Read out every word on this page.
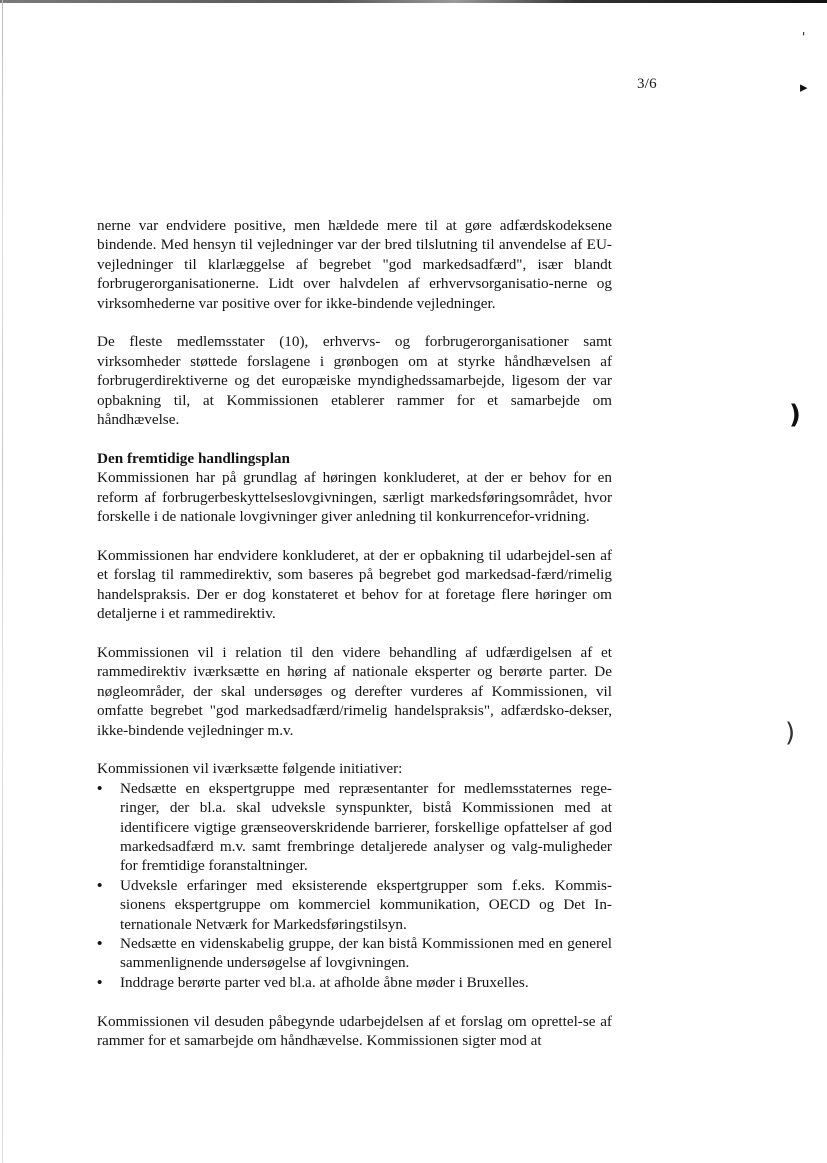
3/6
'
▸
)
)

nerne var endvidere positive, men hældede mere til at gøre adfærdskodeksene bindende. Med hensyn til vejledninger var der bred tilslutning til anvendelse af EU-vejledninger til klarlæggelse af begrebet "god markedsadfærd", især blandt forbrugerorganisationerne. Lidt over halvdelen af erhvervsorganisatio-nerne og virksomhederne var positive over for ikke-bindende vejledninger.

De fleste medlemsstater (10), erhvervs- og forbrugerorganisationer samt virksomheder støttede forslagene i grønbogen om at styrke håndhævelsen af forbrugerdirektiverne og det europæiske myndighedssamarbejde, ligesom der var opbakning til, at Kommissionen etablerer rammer for et samarbejde om håndhævelse.

Den fremtidige handlingsplan

Kommissionen har på grundlag af høringen konkluderet, at der er behov for en reform af forbrugerbeskyttelseslovgivningen, særligt markedsføringsområdet, hvor forskelle i de nationale lovgivninger giver anledning til konkurrencefor-vridning.

Kommissionen har endvidere konkluderet, at der er opbakning til udarbejdel-sen af et forslag til rammedirektiv, som baseres på begrebet god markedsad-færd/rimelig handelspraksis. Der er dog konstateret et behov for at foretage flere høringer om detaljerne i et rammedirektiv.

Kommissionen vil i relation til den videre behandling af udfærdigelsen af et rammedirektiv iværksætte en høring af nationale eksperter og berørte parter. De nøgleområder, der skal undersøges og derefter vurderes af Kommissionen, vil omfatte begrebet "god markedsadfærd/rimelig handelspraksis", adfærdsko-dekser, ikke-bindende vejledninger m.v.

Kommissionen vil iværksætte følgende initiativer:

• Nedsætte en ekspertgruppe med repræsentanter for medlemsstaternes rege-ringer, der bl.a. skal udveksle synspunkter, bistå Kommissionen med at identificere vigtige grænseoverskridende barrierer, forskellige opfattelser af god markedsadfærd m.v. samt frembringe detaljerede analyser og valg-muligheder for fremtidige foranstaltninger.
• Udveksle erfaringer med eksisterende ekspertgrupper som f.eks. Kommis-sionens ekspertgruppe om kommerciel kommunikation, OECD og Det In-ternationale Netværk for Markedsføringstilsyn.
• Nedsætte en videnskabelig gruppe, der kan bistå Kommissionen med en generel sammenlignende undersøgelse af lovgivningen.
• Inddrage berørte parter ved bl.a. at afholde åbne møder i Bruxelles.

Kommissionen vil desuden påbegynde udarbejdelsen af et forslag om oprettel-se af rammer for et samarbejde om håndhævelse. Kommissionen sigter mod at
